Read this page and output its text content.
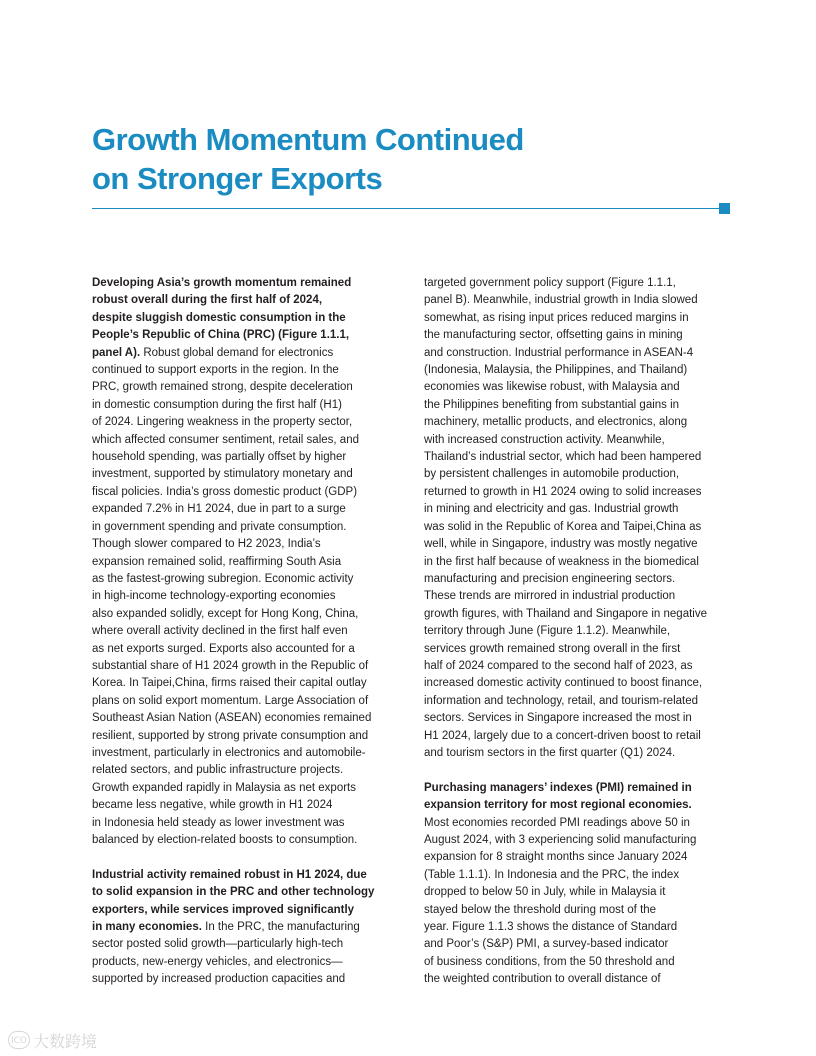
Growth Momentum Continued
on Stronger Exports

Developing Asia’s growth momentum remained
robust overall during the first half of 2024,
despite sluggish domestic consumption in the
People’s Republic of China (PRC) (Figure 1.1.1,
panel A). Robust global demand for electronics
continued to support exports in the region. In the
PRC, growth remained strong, despite deceleration
in domestic consumption during the first half (H1)
of 2024. Lingering weakness in the property sector,
which affected consumer sentiment, retail sales, and
household spending, was partially offset by higher
investment, supported by stimulatory monetary and
fiscal policies. India’s gross domestic product (GDP)
expanded 7.2% in H1 2024, due in part to a surge
in government spending and private consumption.
Though slower compared to H2 2023, India’s
expansion remained solid, reaffirming South Asia
as the fastest-growing subregion. Economic activity
in high-income technology-exporting economies
also expanded solidly, except for Hong Kong, China,
where overall activity declined in the first half even
as net exports surged. Exports also accounted for a
substantial share of H1 2024 growth in the Republic of
Korea. In Taipei,China, firms raised their capital outlay
plans on solid export momentum. Large Association of
Southeast Asian Nation (ASEAN) economies remained
resilient, supported by strong private consumption and
investment, particularly in electronics and automobile-
related sectors, and public infrastructure projects.
Growth expanded rapidly in Malaysia as net exports
became less negative, while growth in H1 2024
in Indonesia held steady as lower investment was
balanced by election-related boosts to consumption.

Industrial activity remained robust in H1 2024, due
to solid expansion in the PRC and other technology
exporters, while services improved significantly
in many economies. In the PRC, the manufacturing
sector posted solid growth—particularly high-tech
products, new-energy vehicles, and electronics—
supported by increased production capacities and

targeted government policy support (Figure 1.1.1,
panel B). Meanwhile, industrial growth in India slowed
somewhat, as rising input prices reduced margins in
the manufacturing sector, offsetting gains in mining
and construction. Industrial performance in ASEAN-4
(Indonesia, Malaysia, the Philippines, and Thailand)
economies was likewise robust, with Malaysia and
the Philippines benefiting from substantial gains in
machinery, metallic products, and electronics, along
with increased construction activity. Meanwhile,
Thailand’s industrial sector, which had been hampered
by persistent challenges in automobile production,
returned to growth in H1 2024 owing to solid increases
in mining and electricity and gas. Industrial growth
was solid in the Republic of Korea and Taipei,China as
well, while in Singapore, industry was mostly negative
in the first half because of weakness in the biomedical
manufacturing and precision engineering sectors.
These trends are mirrored in industrial production
growth figures, with Thailand and Singapore in negative
territory through June (Figure 1.1.2). Meanwhile,
services growth remained strong overall in the first
half of 2024 compared to the second half of 2023, as
increased domestic activity continued to boost finance,
information and technology, retail, and tourism-related
sectors. Services in Singapore increased the most in
H1 2024, largely due to a concert-driven boost to retail
and tourism sectors in the first quarter (Q1) 2024.

Purchasing managers’ indexes (PMI) remained in
expansion territory for most regional economies.
Most economies recorded PMI readings above 50 in
August 2024, with 3 experiencing solid manufacturing
expansion for 8 straight months since January 2024
(Table 1.1.1). In Indonesia and the PRC, the index
dropped to below 50 in July, while in Malaysia it
stayed below the threshold during most of the
year. Figure 1.1.3 shows the distance of Standard
and Poor’s (S&P) PMI, a survey-based indicator
of business conditions, from the 50 threshold and
the weighted contribution to overall distance of

ICO 大数跨境
